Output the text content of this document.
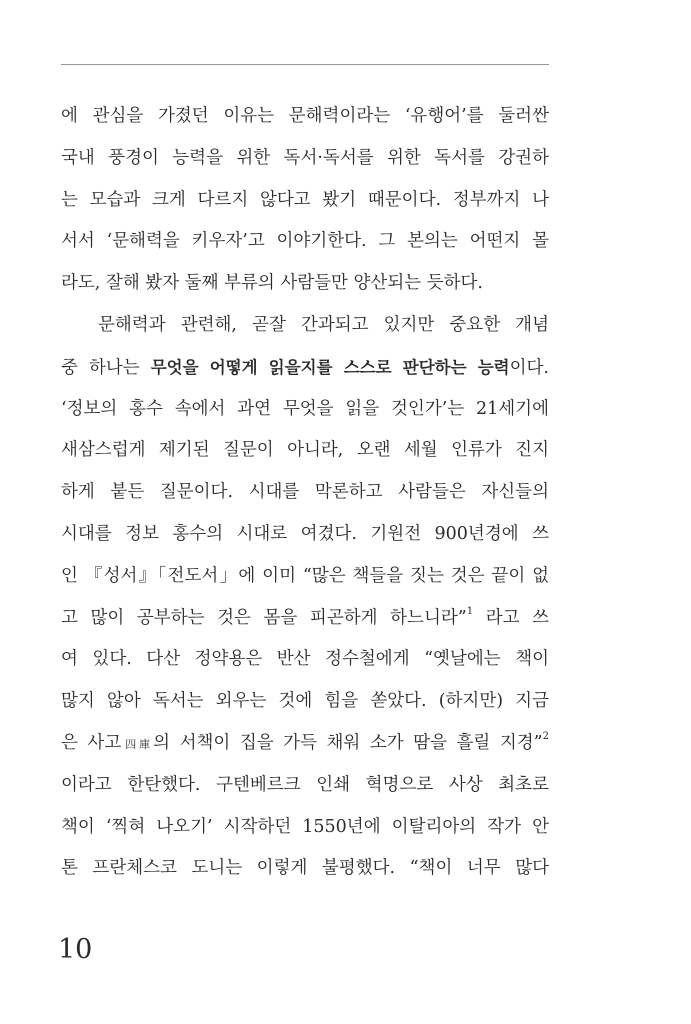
에 관심을 가졌던 이유는 문해력이라는 ‘유행어’를 둘러싼
국내 풍경이 능력을 위한 독서·독서를 위한 독서를 강권하
는 모습과 크게 다르지 않다고 봤기 때문이다. 정부까지 나
서서 ‘문해력을 키우자’고 이야기한다. 그 본의는 어떤지 몰
라도, 잘해 봤자 둘째 부류의 사람들만 양산되는 듯하다.
문해력과 관련해, 곧잘 간과되고 있지만 중요한 개념
중 하나는 무엇을 어떻게 읽을지를 스스로 판단하는 능력이다.
‘정보의 홍수 속에서 과연 무엇을 읽을 것인가’는 21세기에
새삼스럽게 제기된 질문이 아니라, 오랜 세월 인류가 진지
하게 붙든 질문이다. 시대를 막론하고 사람들은 자신들의
시대를 정보 홍수의 시대로 여겼다. 기원전 900년경에 쓰
인 『성서』「전도서」에 이미 “많은 책들을 짓는 것은 끝이 없
고 많이 공부하는 것은 몸을 피곤하게 하느니라”$^1$ 라고 쓰
여 있다. 다산 정약용은 반산 정수철에게 “옛날에는 책이
많지 않아 독서는 외우는 것에 힘을 쏟았다. (하지만) 지금
은 사고四庫의 서책이 집을 가득 채워 소가 땀을 흘릴 지경”$^2$
이라고 한탄했다. 구텐베르크 인쇄 혁명으로 사상 최초로
책이 ‘찍혀 나오기’ 시작하던 1550년에 이탈리아의 작가 안
톤 프란체스코 도니는 이렇게 불평했다. “책이 너무 많다
10
